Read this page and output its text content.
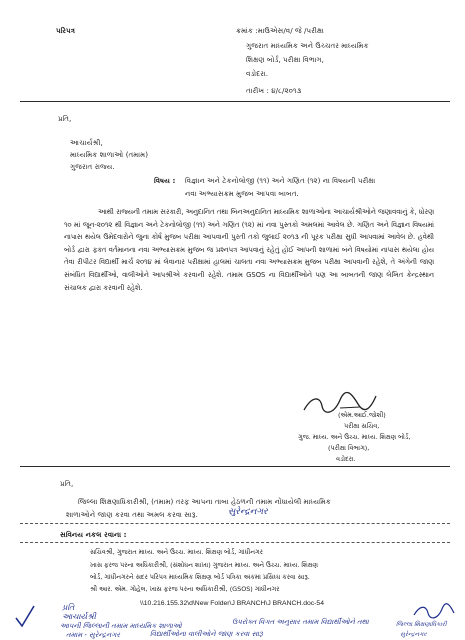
પરિપત્ર	ક્રમાંક :માઉએસ/વ/ જે /પરીક્ષા
ગુજરાત માધ્યમિક અને ઉચ્ચતર માધ્યમિક
શિક્ષણ બોર્ડ, પરીક્ષા વિભાગ,
વડોદરા.
તારીખ : ૪/૮/૨૦૧૩
પ્રતિ,
આચાર્યશ્રી,
માધ્યમિક શાળાઓ (તમામ)
ગુજરાત રાજ્ય.
વિષય : વિજ્ઞાન અને ટેકનોલોજી (૧૧) અને ગણિત (૧૨) ના વિષયની પરીક્ષા
નવા અભ્યાસક્રમ મુજબ આપવા બાબત.
આથી રાજ્યની તમામ સરકારી, અનુદાનિત તથા બિનઅનુદાનિત માધ્યમિક શાળાઓના આચાર્યશ્રીઓને જણાવવાનું કે, ધોરણ ૧૦ માં જૂન-૨૦૧૨ થી વિજ્ઞાન અને ટેકનોલોજી (૧૧) અને ગણિત (૧૨) માં નવા પુસ્તકો અમલમાં આવેલ છે. ગણિત અને વિજ્ઞાન વિષયમાં નાપાસ થયેલ ઉમેદવારોને જુના કોર્ષ મુજબ પરીક્ષા આપવાની પુરતી તકો જુલાઈ ૨૦૧૩ ની પૂરક પરીક્ષા સુધી આપવામાં આવેલ છે. હવેથી બોર્ડ દ્વારા ફક્ત વર્તમાનના નવા અભ્યાસક્રમ મુજબ જ પ્રશ્નપત્ર આપવાનું રહેતું હોઈ આપની શાળામાં બંને વિષયોમાં નાપાસ થયેલા હોય તેવા રીપીટર વિદ્યાર્થી માર્ચ ૨૦૧૪ માં લેવાનાર પરીક્ષામાં હાલમાં ચાલતા નવા અભ્યાસક્રમ મુજબ પરીક્ષા આપવાની રહેશે, તે અંગેની જાણ સંબંધિત વિદ્યાર્થીઓ, વાલીઓને આપશ્રીએ કરવાની રહેશે. તમામ GSOS ના વિદ્યાર્થીઓને પણ આ બાબતની જાણ લેખિત કેન્દ્રસ્થાન સંચાલક દ્વારા કરવાની રહેશે.
(એમ.આઈ.જોશી)
પરીક્ષા સચિવ,
ગુજ. માધ્ય. અને ઉચ્ચ. માધ્ય. શિક્ષણ બોર્ડ,
(પરીક્ષા વિભાગ),
વડોદરા.
પ્રતિ,
જિલ્લા શિક્ષણાધિકારીશ્રી, (તમામ) તરફ આપના તાબા હેઠળની તમામ નોંધાયેલી માધ્યમિક
શાળાઓને જાણ કરવા તથા અમલ કરવા સારૂ.	સુરેન્દ્રનગર
સવિનય નકલ રવાના :
સચિવશ્રી, ગુજરાત માધ્ય. અને ઉચ્ચ. માધ્ય. શિક્ષણ બોર્ડ, ગાંધીનગર
ખાસ ફરજ પરના અધિકારીશ્રી, (સંશોધન શાખા) ગુજરાત માધ્ય. અને ઉચ્ચ. માધ્ય. શિક્ષણ
બોર્ડ, ગાંધીનગરને સદર પરિપત્ર માધ્યમિક શિક્ષણ બોર્ડ પત્રિકા અંકમાં પ્રસિધ્ધ કરવા સારૂ.
શ્રી આર. એમ. ગોહેલ, ખાસ ફરજ પરના અધિકારીશ્રી, (GSOS) ગાંધીનગર
\\10.216.155.32\d\New Folder\J BRANCH\J BRANCH.doc-54
પ્રતિ
આચાર્યશ્રી
આપની જિલ્લાની તમામ માધ્યમિક શાળાઓ
તમામ - સુરેન્દ્રનગર
ઉપરોક્ત વિગત અનુસાર તમામ વિદ્યાર્થીઓને તથા
વિદ્યાર્થીઓના વાલીઓને જાણ કરવા સારૂ
જિલ્લા શિક્ષણાધિકારી
સુરેન્દ્રનગર
